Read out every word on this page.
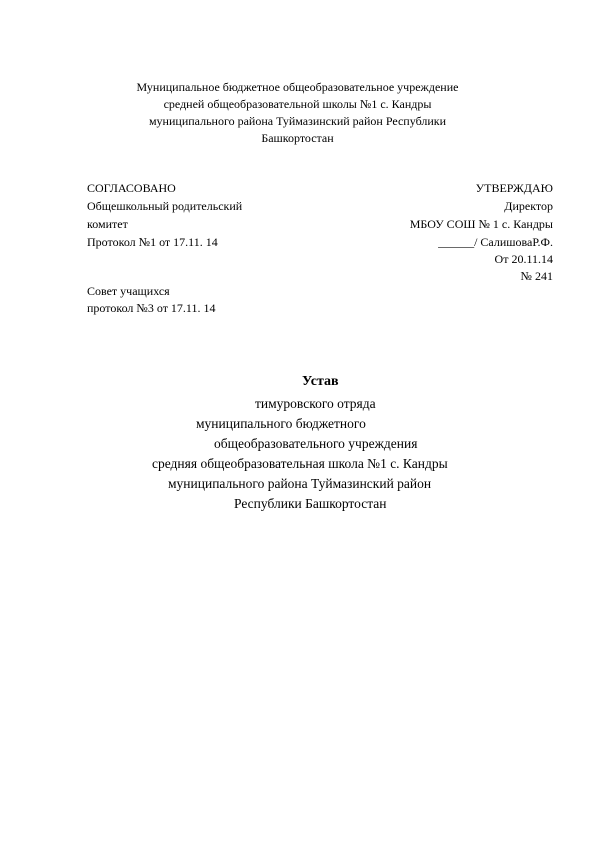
Муниципальное бюджетное общеобразовательное учреждение
средней общеобразовательной школы №1 с. Кандры
муниципального района Туймазинский район Республики
Башкортостан
СОГЛАСОВАНО
Общешкольный родительский
комитет
Протокол №1 от 17.11. 14
УТВЕРЖДАЮ
Директор
МБОУ СОШ № 1 с. Кандры
______/ СалишоваР.Ф.
От 20.11.14
№ 241
Совет учащихся
протокол №3 от 17.11. 14
Устав
тимуровского отряда
муниципального бюджетного
общеобразовательного учреждения
средняя общеобразовательная школа №1 с. Кандры
муниципального района Туймазинский район
Республики Башкортостан
